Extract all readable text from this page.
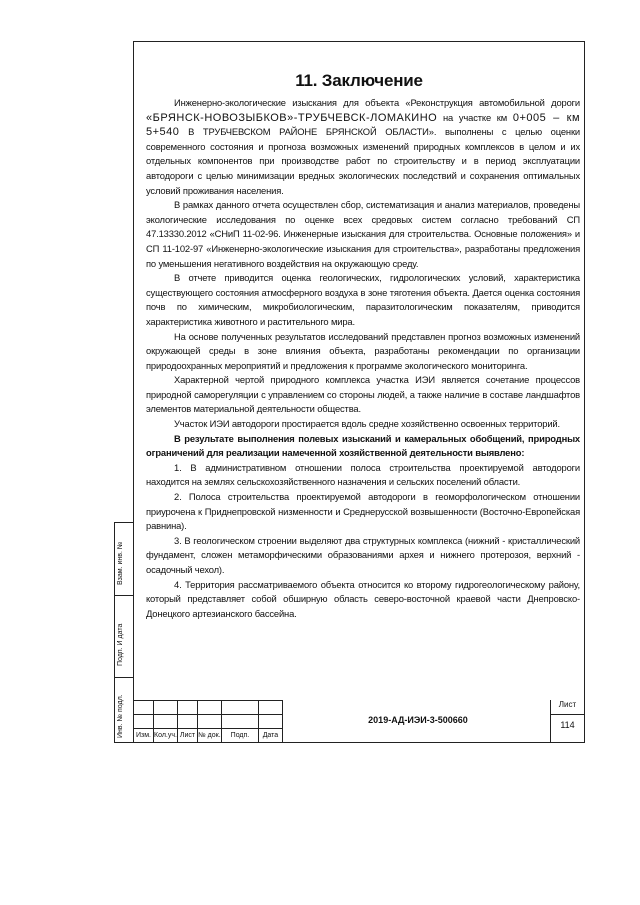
11. Заключение

Инженерно-экологические изыскания для объекта «Реконструкция автомобильной дороги «БРЯНСК-НОВОЗЫБКОВ»-ТРУБЧЕВСК-ЛОМАКИНО на участке км 0+005 – км 5+540 В ТРУБЧЕВСКОМ РАЙОНЕ БРЯНСКОЙ ОБЛАСТИ». выполнены с целью оценки современного состояния и прогноза возможных изменений природных комплексов в целом и их отдельных компонентов при производстве работ по строительству и в период эксплуатации автодороги с целью минимизации вредных экологических последствий и сохранения оптимальных условий проживания населения.

В рамках данного отчета осуществлен сбор, систематизация и анализ материалов, проведены экологические исследования по оценке всех средовых систем согласно требований СП 47.13330.2012 «СНиП 11-02-96. Инженерные изыскания для строительства. Основные положения» и СП 11-102-97 «Инженерно-экологические изыскания для строительства», разработаны предложения по уменьшения негативного воздействия на окружающую среду.

В отчете приводится оценка геологических, гидрологических условий, характеристика существующего состояния атмосферного воздуха в зоне тяготения объекта. Дается оценка состояния почв по химическим, микробиологическим, паразитологическим показателям, приводится характеристика животного и растительного мира.

На основе полученных результатов исследований представлен прогноз возможных изменений окружающей среды в зоне влияния объекта, разработаны рекомендации по организации природоохранных мероприятий и предложения к программе экологического мониторинга.

Характерной чертой природного комплекса участка ИЭИ является сочетание процессов природной саморегуляции с управлением со стороны людей, а также наличие в составе ландшафтов элементов материальной деятельности общества.

Участок ИЭИ автодороги простирается вдоль средне хозяйственно освоенных территорий.

В результате выполнения полевых изысканий и камеральных обобщений, природных ограничений для реализации намеченной хозяйственной деятельности выявлено:

1. В административном отношении полоса строительства проектируемой автодороги находится на землях сельскохозяйственного назначения и сельских поселений области.

2. Полоса строительства проектируемой автодороги в геоморфологическом отношении приурочена к Приднепровской низменности и Среднерусской возвышенности (Восточно-Европейская равнина).

3. В геологическом строении выделяют два структурных комплекса (нижний - кристаллический фундамент, сложен метаморфическими образованиями архея и нижнего протерозоя, верхний - осадочный чехол).

4. Территория рассматриваемого объекта относится ко второму гидрогеологическому району, который представляет собой обширную область северо-восточной краевой части Днепровско-Донецкого артезианского бассейна.

Взам. инв. №
Подп. И дата
Инв. № подл.

					Изм.	Кол.уч.	Лист	№ док.	Подп.	Дата
2019-АД-ИЭИ-3-500660
Лист
114
